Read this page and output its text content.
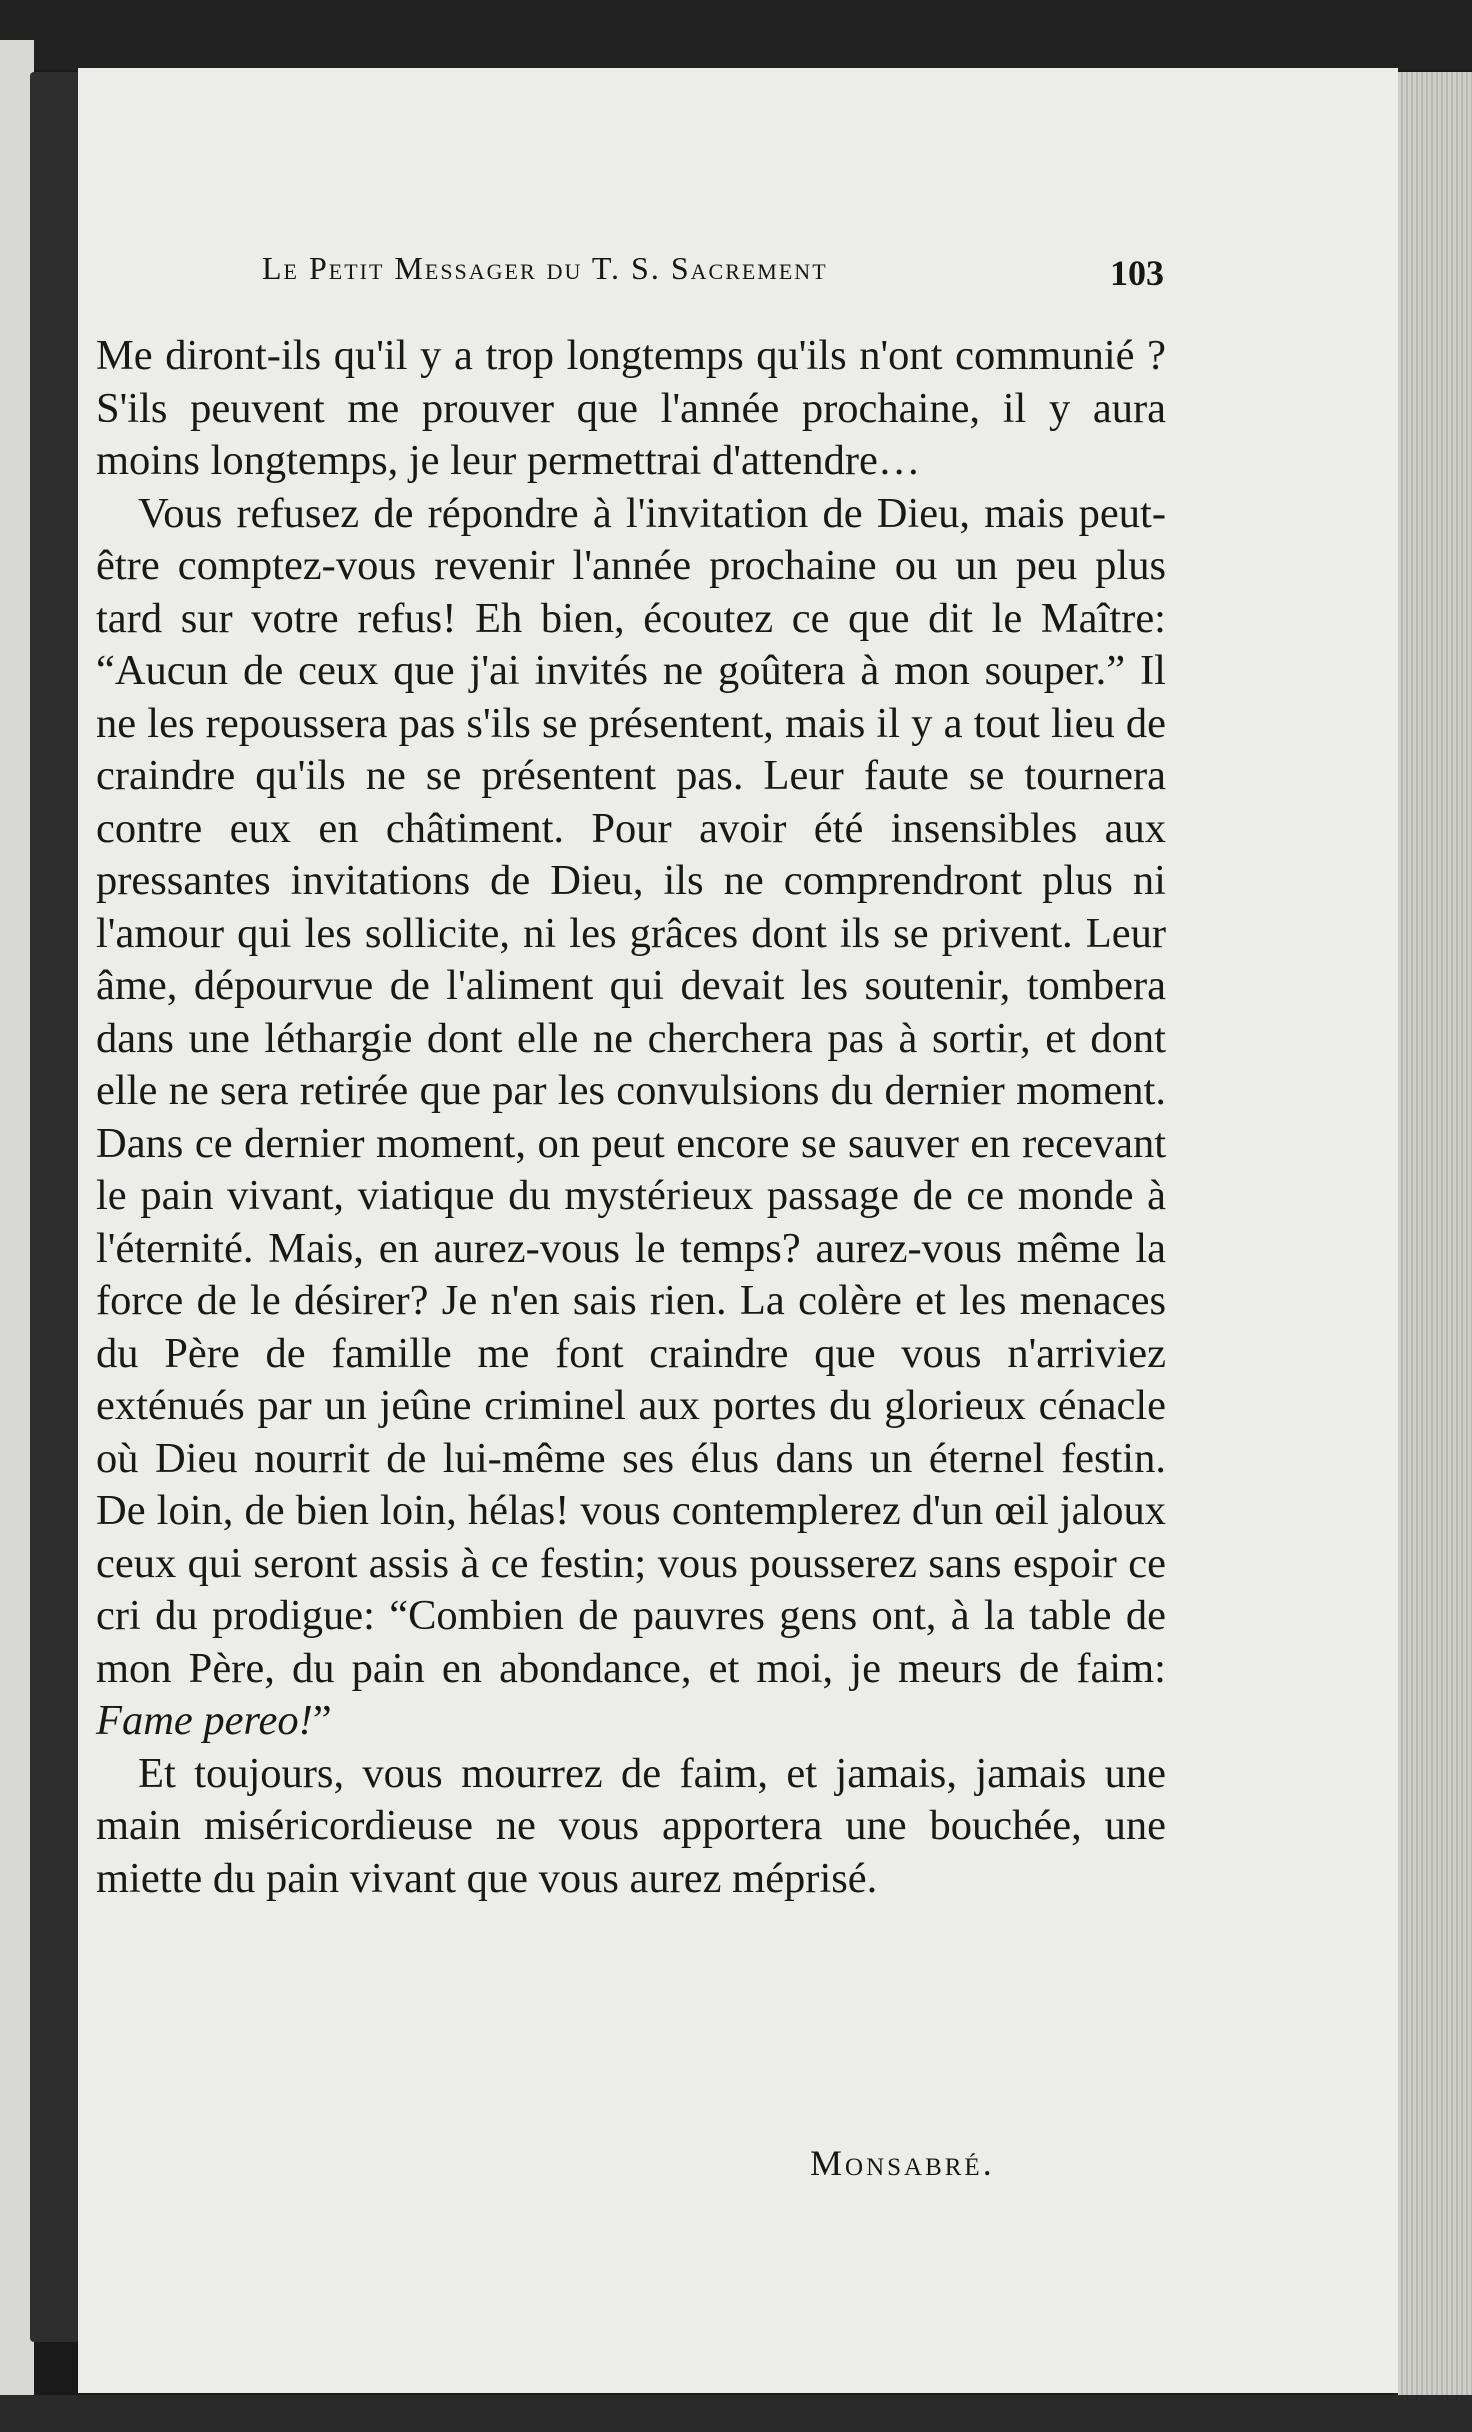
Le Petit Messager du T. S. Sacrement	103

Me diront-ils qu'il y a trop longtemps qu'ils n'ont communié ? S'ils peuvent me prouver que l'année prochaine, il y aura moins longtemps, je leur permettrai d'attendre…

Vous refusez de répondre à l'invitation de Dieu, mais peut-être comptez-vous revenir l'année prochaine ou un peu plus tard sur votre refus! Eh bien, écoutez ce que dit le Maître: “Aucun de ceux que j'ai invités ne goûtera à mon souper.” Il ne les repoussera pas s'ils se présentent, mais il y a tout lieu de craindre qu'ils ne se présentent pas. Leur faute se tournera contre eux en châtiment. Pour avoir été insensibles aux pressantes invitations de Dieu, ils ne comprendront plus ni l'amour qui les sollicite, ni les grâces dont ils se privent. Leur âme, dépourvue de l'aliment qui devait les soutenir, tombera dans une léthargie dont elle ne cherchera pas à sortir, et dont elle ne sera retirée que par les convulsions du dernier moment. Dans ce dernier moment, on peut encore se sauver en recevant le pain vivant, viatique du mystérieux passage de ce monde à l'éternité. Mais, en aurez-vous le temps? aurez-vous même la force de le désirer? Je n'en sais rien. La colère et les menaces du Père de famille me font craindre que vous n'arriviez exténués par un jeûne criminel aux portes du glorieux cénacle où Dieu nourrit de lui-même ses élus dans un éternel festin. De loin, de bien loin, hélas! vous contemplerez d'un œil jaloux ceux qui seront assis à ce festin; vous pousserez sans espoir ce cri du prodigue: “Combien de pauvres gens ont, à la table de mon Père, du pain en abondance, et moi, je meurs de faim: Fame pereo!”

Et toujours, vous mourrez de faim, et jamais, jamais une main miséricordieuse ne vous apportera une bouchée, une miette du pain vivant que vous aurez méprisé.

Monsabré.
